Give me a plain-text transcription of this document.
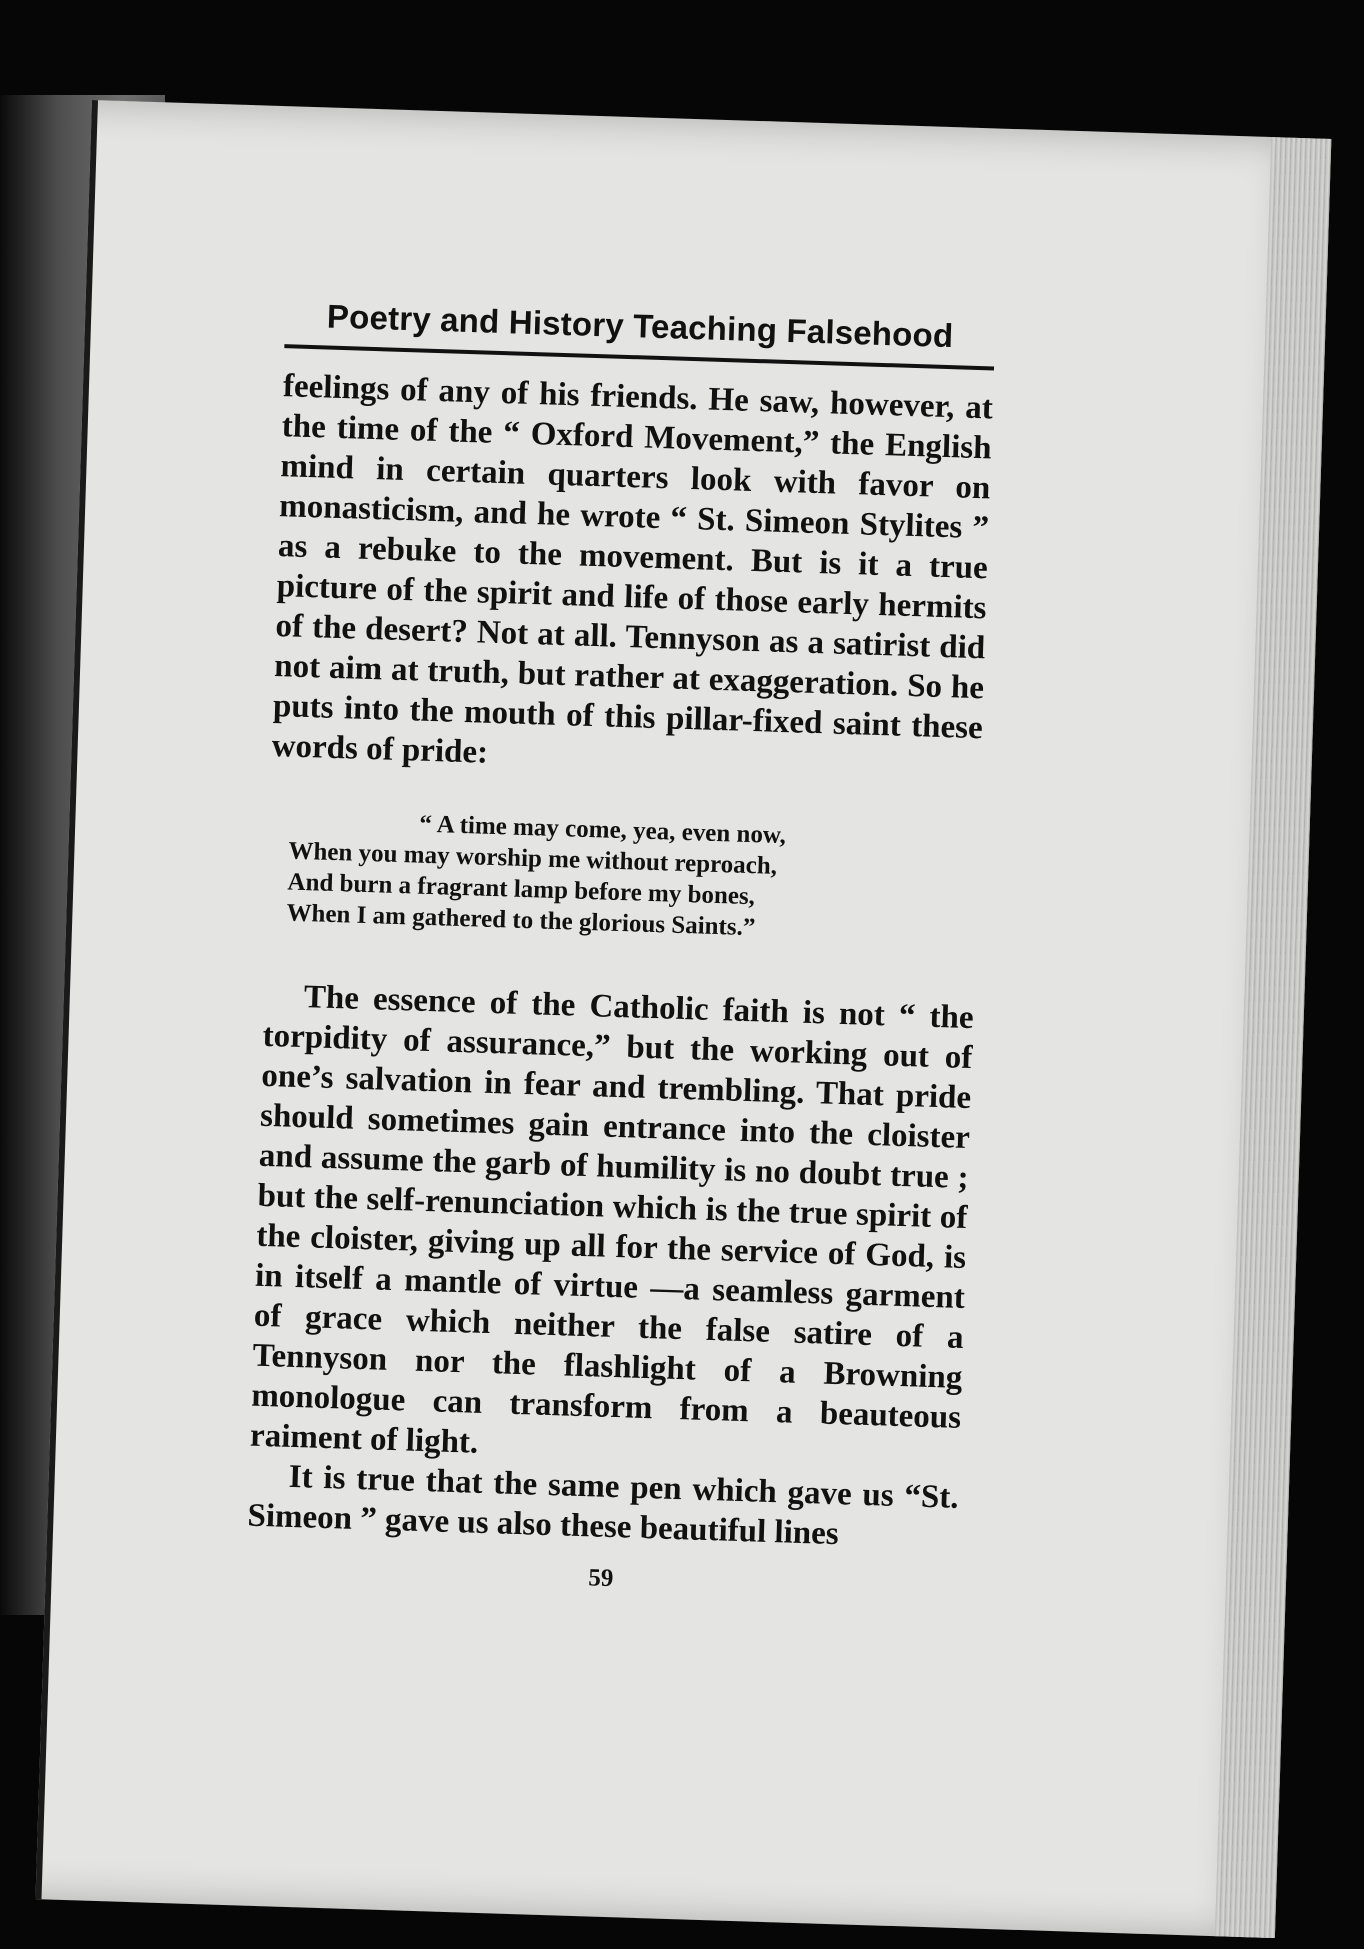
Poetry and History Teaching Falsehood

feelings of any of his friends. He saw, however, at the time of the “ Oxford Movement,” the English mind in certain quarters look with favor on monasticism, and he wrote “ St. Simeon Stylites ” as a rebuke to the movement. But is it a true picture of the spirit and life of those early hermits of the desert? Not at all. Tennyson as a satirist did not aim at truth, but rather at exaggeration. So he puts into the mouth of this pillar-fixed saint these words of pride:

“ A time may come, yea, even now,
When you may worship me without reproach,
And burn a fragrant lamp before my bones,
When I am gathered to the glorious Saints.”

The essence of the Catholic faith is not “ the torpidity of assurance,” but the working out of one’s salvation in fear and trembling. That pride should sometimes gain entrance into the cloister and assume the garb of humility is no doubt true ; but the self-renunciation which is the true spirit of the cloister, giving up all for the service of God, is in itself a mantle of virtue —a seamless garment of grace which neither the false satire of a Tennyson nor the flashlight of a Browning monologue can transform from a beauteous raiment of light.

It is true that the same pen which gave us “St. Simeon ” gave us also these beautiful lines

59
